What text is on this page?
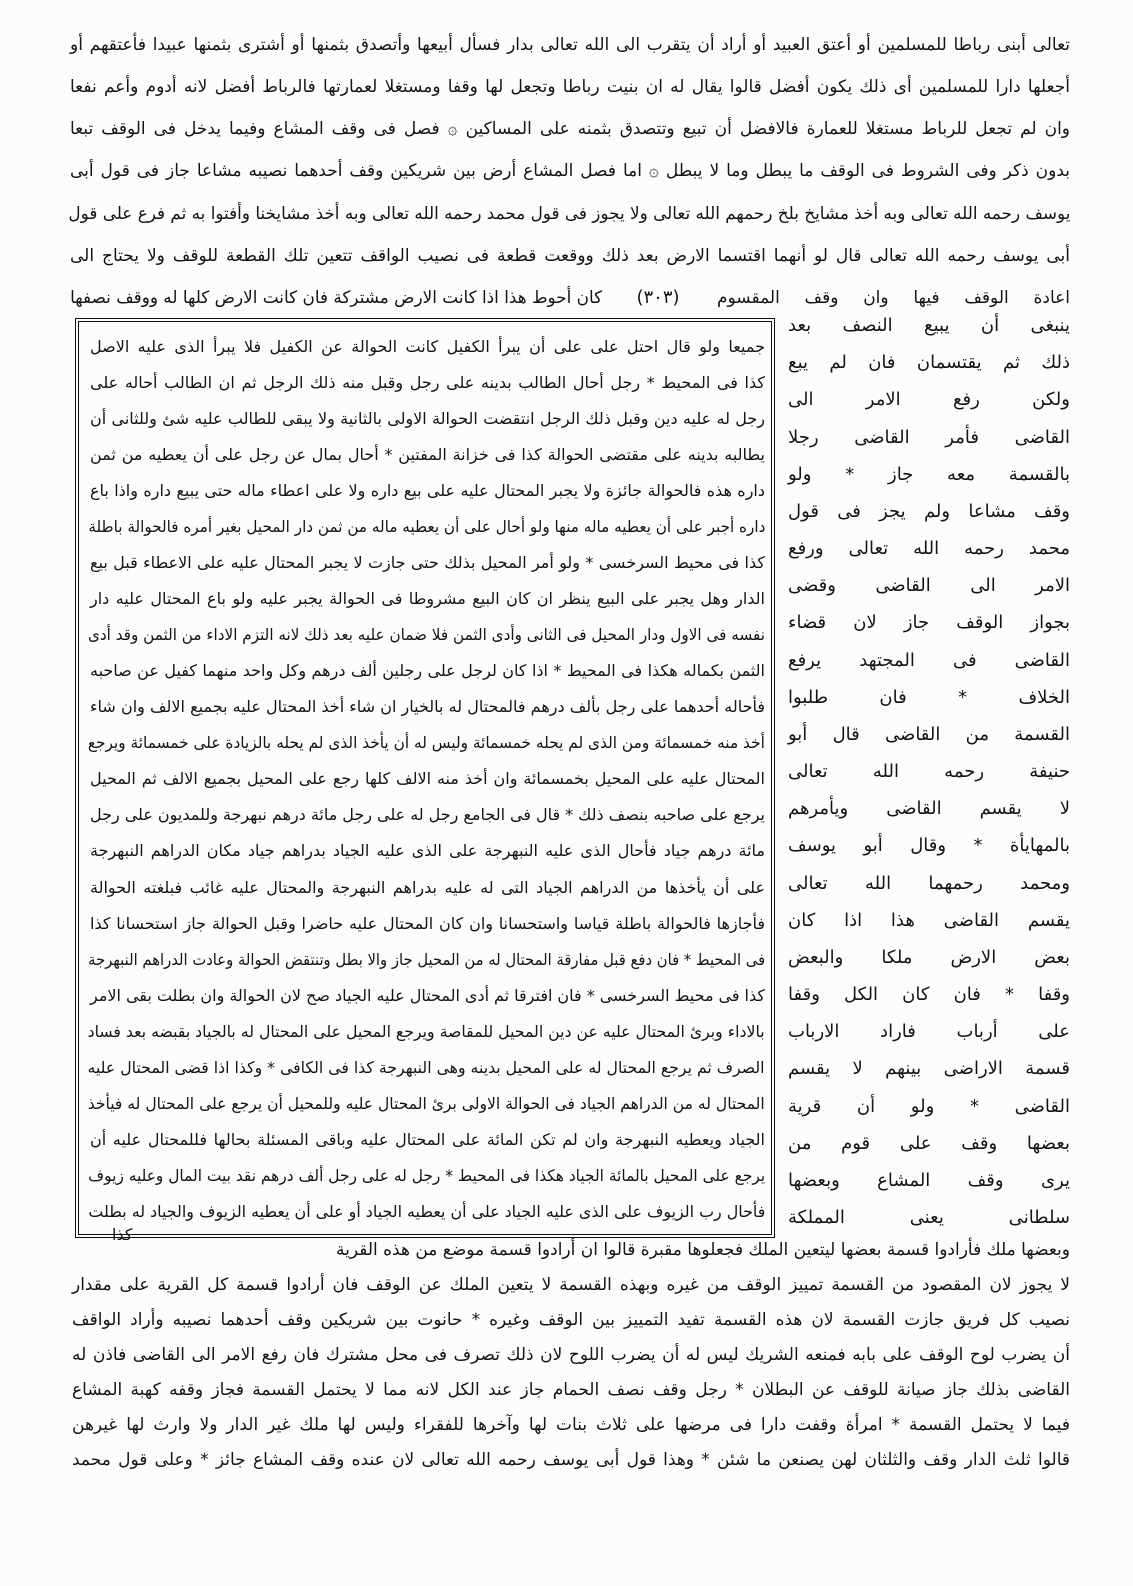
تعالى أبنى رباطا للمسلمين أو أعتق العبيد أو أراد أن يتقرب الى الله تعالى بدار فسأل أبيعها وأتصدق بثمنها أو أشترى بثمنها عبيدا فأعتقهم أو
أجعلها دارا للمسلمين أى ذلك يكون أفضل قالوا يقال له ان بنيت رباطا وتجعل لها وقفا ومستغلا لعمارتها فالرباط أفضل لانه أدوم وأعم نفعا
وان لم تجعل للرباط مستغلا للعمارة فالافضل أن تبيع وتتصدق بثمنه على المساكين ۞ فصل فى وقف المشاع وفيما يدخل فى الوقف تبعا
بدون ذكر وفى الشروط فى الوقف ما يبطل وما لا يبطل ۞ اما فصل المشاع أرض بين شريكين وقف أحدهما نصيبه مشاعا جاز فى قول أبى
يوسف رحمه الله تعالى وبه أخذ مشايخ بلخ رحمهم الله تعالى ولا يجوز فى قول محمد رحمه الله تعالى وبه أخذ مشايخنا وأفتوا به ثم فرع على قول
أبى يوسف رحمه الله تعالى قال لو أنهما اقتسما الارض بعد ذلك ووقعت قطعة فى نصيب الواقف تتعين تلك القطعة للوقف ولا يحتاج الى
اعادة الوقف فيها وان وقف المقسوم
(٣٠٣)
كان أحوط هذا اذا كانت الارض مشتركة فان كانت الارض كلها له ووقف نصفها
جميعا ولو قال احتل على على أن يبرأ الكفيل كانت الحوالة عن الكفيل فلا يبرأ الذى عليه الاصل
كذا فى المحيط * رجل أحال الطالب بدينه على رجل وقبل منه ذلك الرجل ثم ان الطالب أحاله على
رجل له عليه دين وقبل ذلك الرجل انتقضت الحوالة الاولى بالثانية ولا يبقى للطالب عليه شئ وللثانى أن
يطالبه بدينه على مقتضى الحوالة كذا فى خزانة المفتين * أحال بمال عن رجل على أن يعطيه من ثمن
داره هذه فالحوالة جائزة ولا يجبر المحتال عليه على بيع داره ولا على اعطاء ماله حتى يبيع داره واذا باع
داره أجبر على أن يعطيه ماله منها ولو أحال على أن يعطيه ماله من ثمن دار المحيل بغير أمره فالحوالة باطلة
كذا فى محيط السرخسى * ولو أمر المحيل بذلك حتى جازت لا يجبر المحتال عليه على الاعطاء قبل بيع
الدار وهل يجبر على البيع ينظر ان كان البيع مشروطا فى الحوالة يجبر عليه ولو باع المحتال عليه دار
نفسه فى الاول ودار المحيل فى الثانى وأدى الثمن فلا ضمان عليه بعد ذلك لانه التزم الاداء من الثمن وقد أدى
الثمن بكماله هكذا فى المحيط * اذا كان لرجل على رجلين ألف درهم وكل واحد منهما كفيل عن صاحبه
فأحاله أحدهما على رجل بألف درهم فالمحتال له بالخيار ان شاء أخذ المحتال عليه بجميع الالف وان شاء
أخذ منه خمسمائة ومن الذى لم يحله خمسمائة وليس له أن يأخذ الذى لم يحله بالزيادة على خمسمائة ويرجع
المحتال عليه على المحيل بخمسمائة وان أخذ منه الالف كلها رجع على المحيل بجميع الالف ثم المحيل
يرجع على صاحبه بنصف ذلك * قال فى الجامع رجل له على رجل مائة درهم نبهرجة وللمديون على رجل
مائة درهم جياد فأحال الذى عليه النبهرجة على الذى عليه الجياد بدراهم جياد مكان الدراهم النبهرجة
على أن يأخذها من الدراهم الجياد التى له عليه بدراهم النبهرجة والمحتال عليه غائب فبلغته الحوالة
فأجازها فالحوالة باطلة قياسا واستحسانا وان كان المحتال عليه حاضرا وقبل الحوالة جاز استحسانا كذا
فى المحيط * فان دفع قبل مفارقة المحتال له من المحيل جاز والا بطل وتنتقض الحوالة وعادت الدراهم النبهرجة
كذا فى محيط السرخسى * فان افترقا ثم أدى المحتال عليه الجياد صح لان الحوالة وان بطلت بقى الامر
بالاداء وبرئ المحتال عليه عن دين المحيل للمقاصة ويرجع المحيل على المحتال له بالجياد بقبضه بعد فساد
الصرف ثم يرجع المحتال له على المحيل بدينه وهى النبهرجة كذا فى الكافى * وكذا اذا قضى المحتال عليه
المحتال له من الدراهم الجياد فى الحوالة الاولى برئ المحتال عليه وللمحيل أن يرجع على المحتال له فيأخذ
الجياد ويعطيه النبهرجة وان لم تكن المائة على المحتال عليه وباقى المسئلة بحالها فللمحتال عليه أن
يرجع على المحيل بالمائة الجياد هكذا فى المحيط * رجل له على رجل ألف درهم نقد بيت المال وعليه زيوف
فأحال رب الزيوف على الذى عليه الجياد على أن يعطيه الجياد أو على أن يعطيه الزيوف والجياد له بطلت
كذا
ينبغى أن يبيع النصف بعد
ذلك ثم يقتسمان فان لم يبع
ولكن رفع الامر الى
القاضى فأمر القاضى رجلا
بالقسمة معه جاز * ولو
وقف مشاعا ولم يجز فى قول
محمد رحمه الله تعالى ورفع
الامر الى القاضى وقضى
بجواز الوقف جاز لان قضاء
القاضى فى المجتهد يرفع
الخلاف * فان طلبوا
القسمة من القاضى قال أبو
حنيفة رحمه الله تعالى
لا يقسم القاضى ويأمرهم
بالمهايأة * وقال أبو يوسف
ومحمد رحمهما الله تعالى
يقسم القاضى هذا اذا كان
بعض الارض ملكا والبعض
وقفا * فان كان الكل وقفا
على أرباب فاراد الارباب
قسمة الاراضى بينهم لا يقسم
القاضى * ولو أن قرية
بعضها وقف على قوم من
يرى وقف المشاع وبعضها
سلطانى يعنى المملكة
وبعضها ملك فأرادوا قسمة بعضها ليتعين الملك فجعلوها مقبرة قالوا ان أرادوا قسمة موضع من هذه القرية
لا يجوز لان المقصود من القسمة تمييز الوقف من غيره وبهذه القسمة لا يتعين الملك عن الوقف فان أرادوا قسمة كل القرية على مقدار
نصيب كل فريق جازت القسمة لان هذه القسمة تفيد التمييز بين الوقف وغيره * حانوت بين شريكين وقف أحدهما نصيبه وأراد الواقف
أن يضرب لوح الوقف على بابه فمنعه الشريك ليس له أن يضرب اللوح لان ذلك تصرف فى محل مشترك فان رفع الامر الى القاضى فاذن له
القاضى بذلك جاز صيانة للوقف عن البطلان * رجل وقف نصف الحمام جاز عند الكل لانه مما لا يحتمل القسمة فجاز وقفه كهبة المشاع
فيما لا يحتمل القسمة * امرأة وقفت دارا فى مرضها على ثلاث بنات لها وآخرها للفقراء وليس لها ملك غير الدار ولا وارث لها غيرهن
قالوا ثلث الدار وقف والثلثان لهن يصنعن ما شئن * وهذا قول أبى يوسف رحمه الله تعالى لان عنده وقف المشاع جائز * وعلى قول محمد
